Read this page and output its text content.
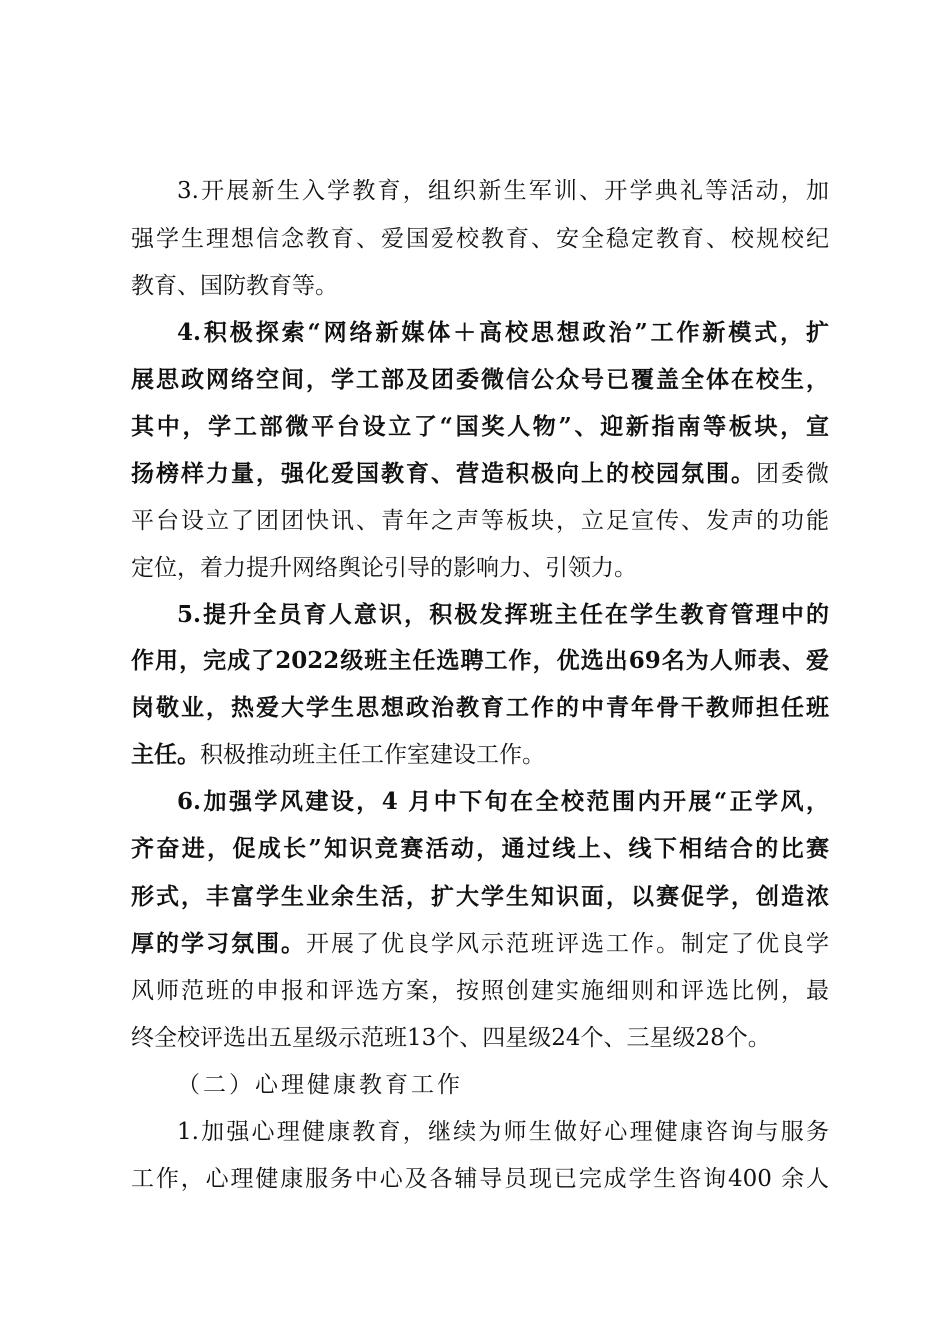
3.开展新生入学教育，组织新生军训、开学典礼等活动，加
强学生理想信念教育、爱国爱校教育、安全稳定教育、校规校纪
教育、国防教育等。
4.积极探索“网络新媒体＋高校思想政治”工作新模式，扩
展思政网络空间，学工部及团委微信公众号已覆盖全体在校生，
其中，学工部微平台设立了“国奖人物”、迎新指南等板块，宣
扬榜样力量，强化爱国教育、营造积极向上的校园氛围。团委微
平台设立了团团快讯、青年之声等板块，立足宣传、发声的功能
定位，着力提升网络舆论引导的影响力、引领力。
5.提升全员育人意识，积极发挥班主任在学生教育管理中的
作用，完成了2022级班主任选聘工作，优选出69名为人师表、爱
岗敬业，热爱大学生思想政治教育工作的中青年骨干教师担任班
主任。积极推动班主任工作室建设工作。
6.加强学风建设，4 月中下旬在全校范围内开展“正学风，
齐奋进，促成长”知识竞赛活动，通过线上、线下相结合的比赛
形式，丰富学生业余生活，扩大学生知识面，以赛促学，创造浓
厚的学习氛围。开展了优良学风示范班评选工作。制定了优良学
风师范班的申报和评选方案，按照创建实施细则和评选比例，最
终全校评选出五星级示范班13个、四星级24个、三星级28个。
（二）心理健康教育工作
1.加强心理健康教育，继续为师生做好心理健康咨询与服务
工作，心理健康服务中心及各辅导员现已完成学生咨询400 余人
